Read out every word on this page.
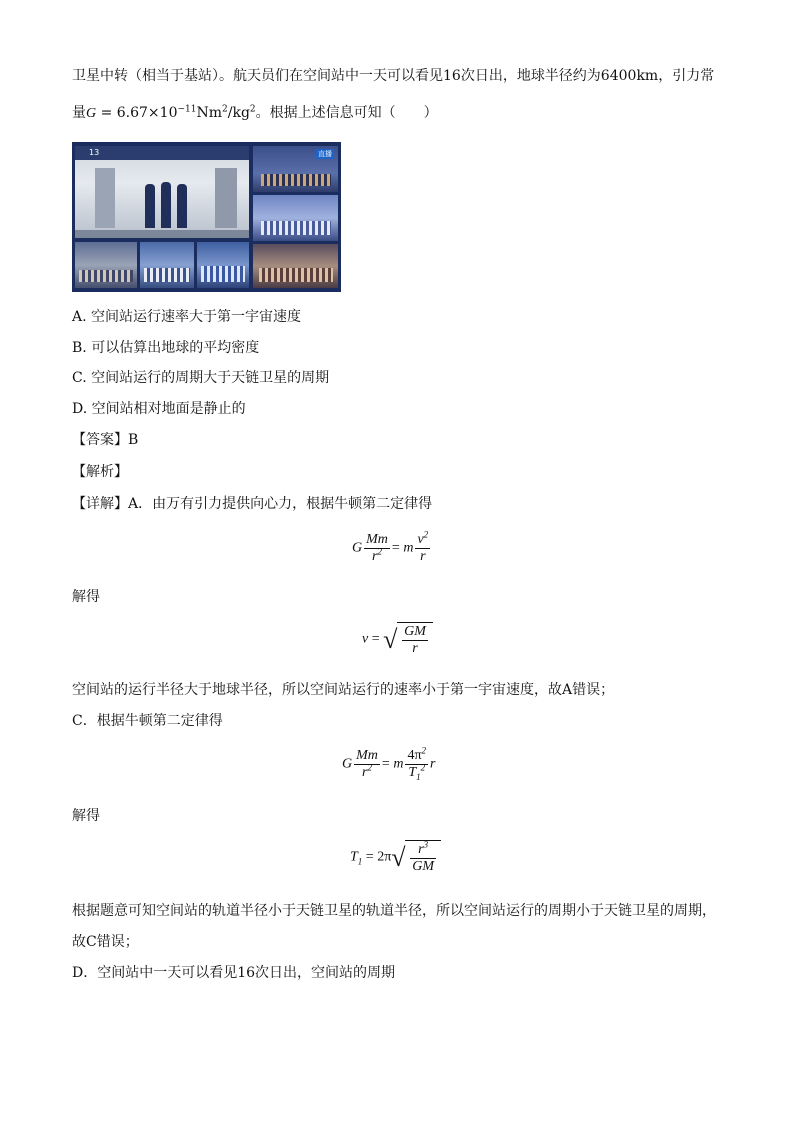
卫星中转（相当于基站）。航天员们在空间站中一天可以看见16次日出，地球半径约为6400km，引力常
量$G = 6.67\times 10^{-11}Nm^2/kg^2$。根据上述信息可知（　　）
13	直播
A. 空间站运行速率大于第一宇宙速度
B. 可以估算出地球的平均密度
C. 空间站运行的周期大于天链卫星的周期
D. 空间站相对地面是静止的
【答案】B
【解析】
【详解】A．由万有引力提供向心力，根据牛顿第二定律得
G $\frac{Mm}{r^2} = m \frac{v^2}{r}$
解得
v = √ $\frac{GM}{r}$
空间站的运行半径大于地球半径，所以空间站运行的速率小于第一宇宙速度，故A错误；
C．根据牛顿第二定律得
G $\frac{Mm}{r^2} = m \frac{4\pi^2}{T_1^2}$ r
解得
$T_1 = 2\pi$ √ $\frac{r^3}{GM}$
根据题意可知空间站的轨道半径小于天链卫星的轨道半径，所以空间站运行的周期小于天链卫星的周期，
故C错误；
D．空间站中一天可以看见16次日出，空间站的周期
